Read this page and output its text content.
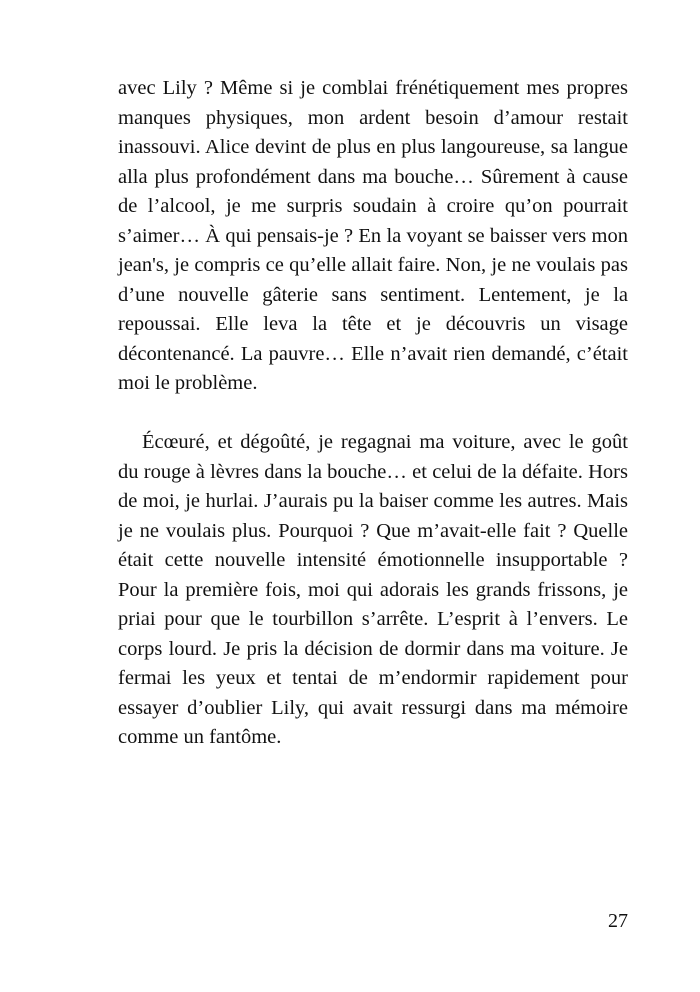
avec Lily ? Même si je comblai frénétiquement mes propres manques physiques, mon ardent besoin d’amour restait inassouvi. Alice devint de plus en plus langoureuse, sa langue alla plus profondément dans ma bouche… Sûrement à cause de l’alcool, je me surpris soudain à croire qu’on pourrait s’aimer… À qui pensais-je ? En la voyant se baisser vers mon jean's, je compris ce qu’elle allait faire. Non, je ne voulais pas d’une nouvelle gâterie sans sentiment. Lentement, je la repoussai. Elle leva la tête et je découvris un visage décontenancé. La pauvre… Elle n’avait rien demandé, c’était moi le problème.

Écœuré, et dégoûté, je regagnai ma voiture, avec le goût du rouge à lèvres dans la bouche… et celui de la défaite. Hors de moi, je hurlai. J’aurais pu la baiser comme les autres. Mais je ne voulais plus. Pourquoi ? Que m’avait-elle fait ? Quelle était cette nouvelle intensité émotionnelle insupportable ? Pour la première fois, moi qui adorais les grands frissons, je priai pour que le tourbillon s’arrête. L’esprit à l’envers. Le corps lourd. Je pris la décision de dormir dans ma voiture. Je fermai les yeux et tentai de m’endormir rapidement pour essayer d’oublier Lily, qui avait ressurgi dans ma mémoire comme un fantôme.

27
